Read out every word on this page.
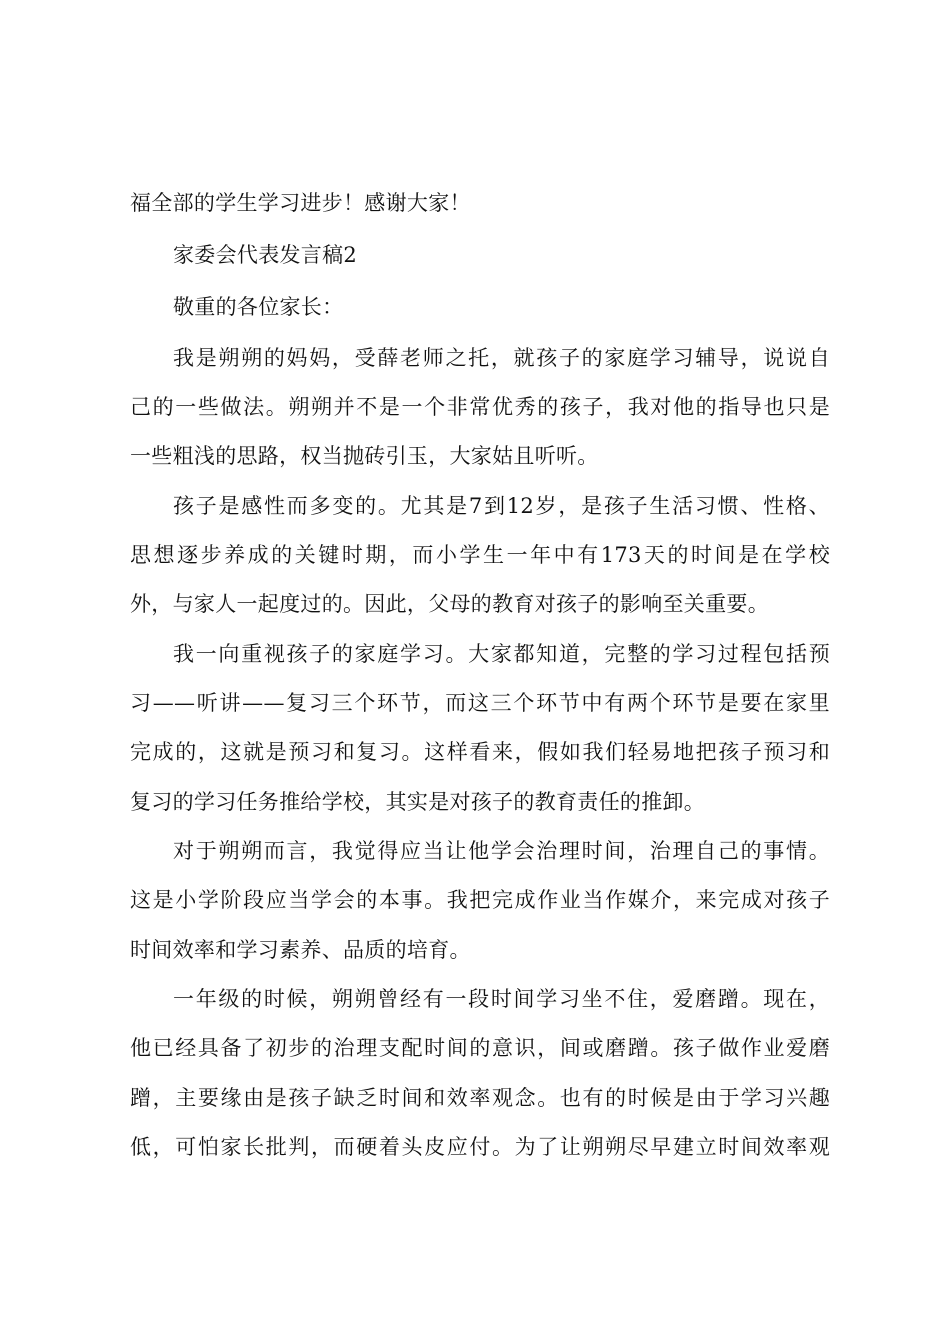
福全部的学生学习进步！感谢大家！
家委会代表发言稿2
敬重的各位家长：
我是朔朔的妈妈，受薛老师之托，就孩子的家庭学习辅导，说说自
己的一些做法。朔朔并不是一个非常优秀的孩子，我对他的指导也只是
一些粗浅的思路，权当抛砖引玉，大家姑且听听。
孩子是感性而多变的。尤其是7到12岁，是孩子生活习惯、性格、
思想逐步养成的关键时期，而小学生一年中有173天的时间是在学校
外，与家人一起度过的。因此，父母的教育对孩子的影响至关重要。
我一向重视孩子的家庭学习。大家都知道，完整的学习过程包括预
习——听讲——复习三个环节，而这三个环节中有两个环节是要在家里
完成的，这就是预习和复习。这样看来，假如我们轻易地把孩子预习和
复习的学习任务推给学校，其实是对孩子的教育责任的推卸。
对于朔朔而言，我觉得应当让他学会治理时间，治理自己的事情。
这是小学阶段应当学会的本事。我把完成作业当作媒介，来完成对孩子
时间效率和学习素养、品质的培育。
一年级的时候，朔朔曾经有一段时间学习坐不住，爱磨蹭。现在，
他已经具备了初步的治理支配时间的意识，间或磨蹭。孩子做作业爱磨
蹭，主要缘由是孩子缺乏时间和效率观念。也有的时候是由于学习兴趣
低，可怕家长批判，而硬着头皮应付。为了让朔朔尽早建立时间效率观
